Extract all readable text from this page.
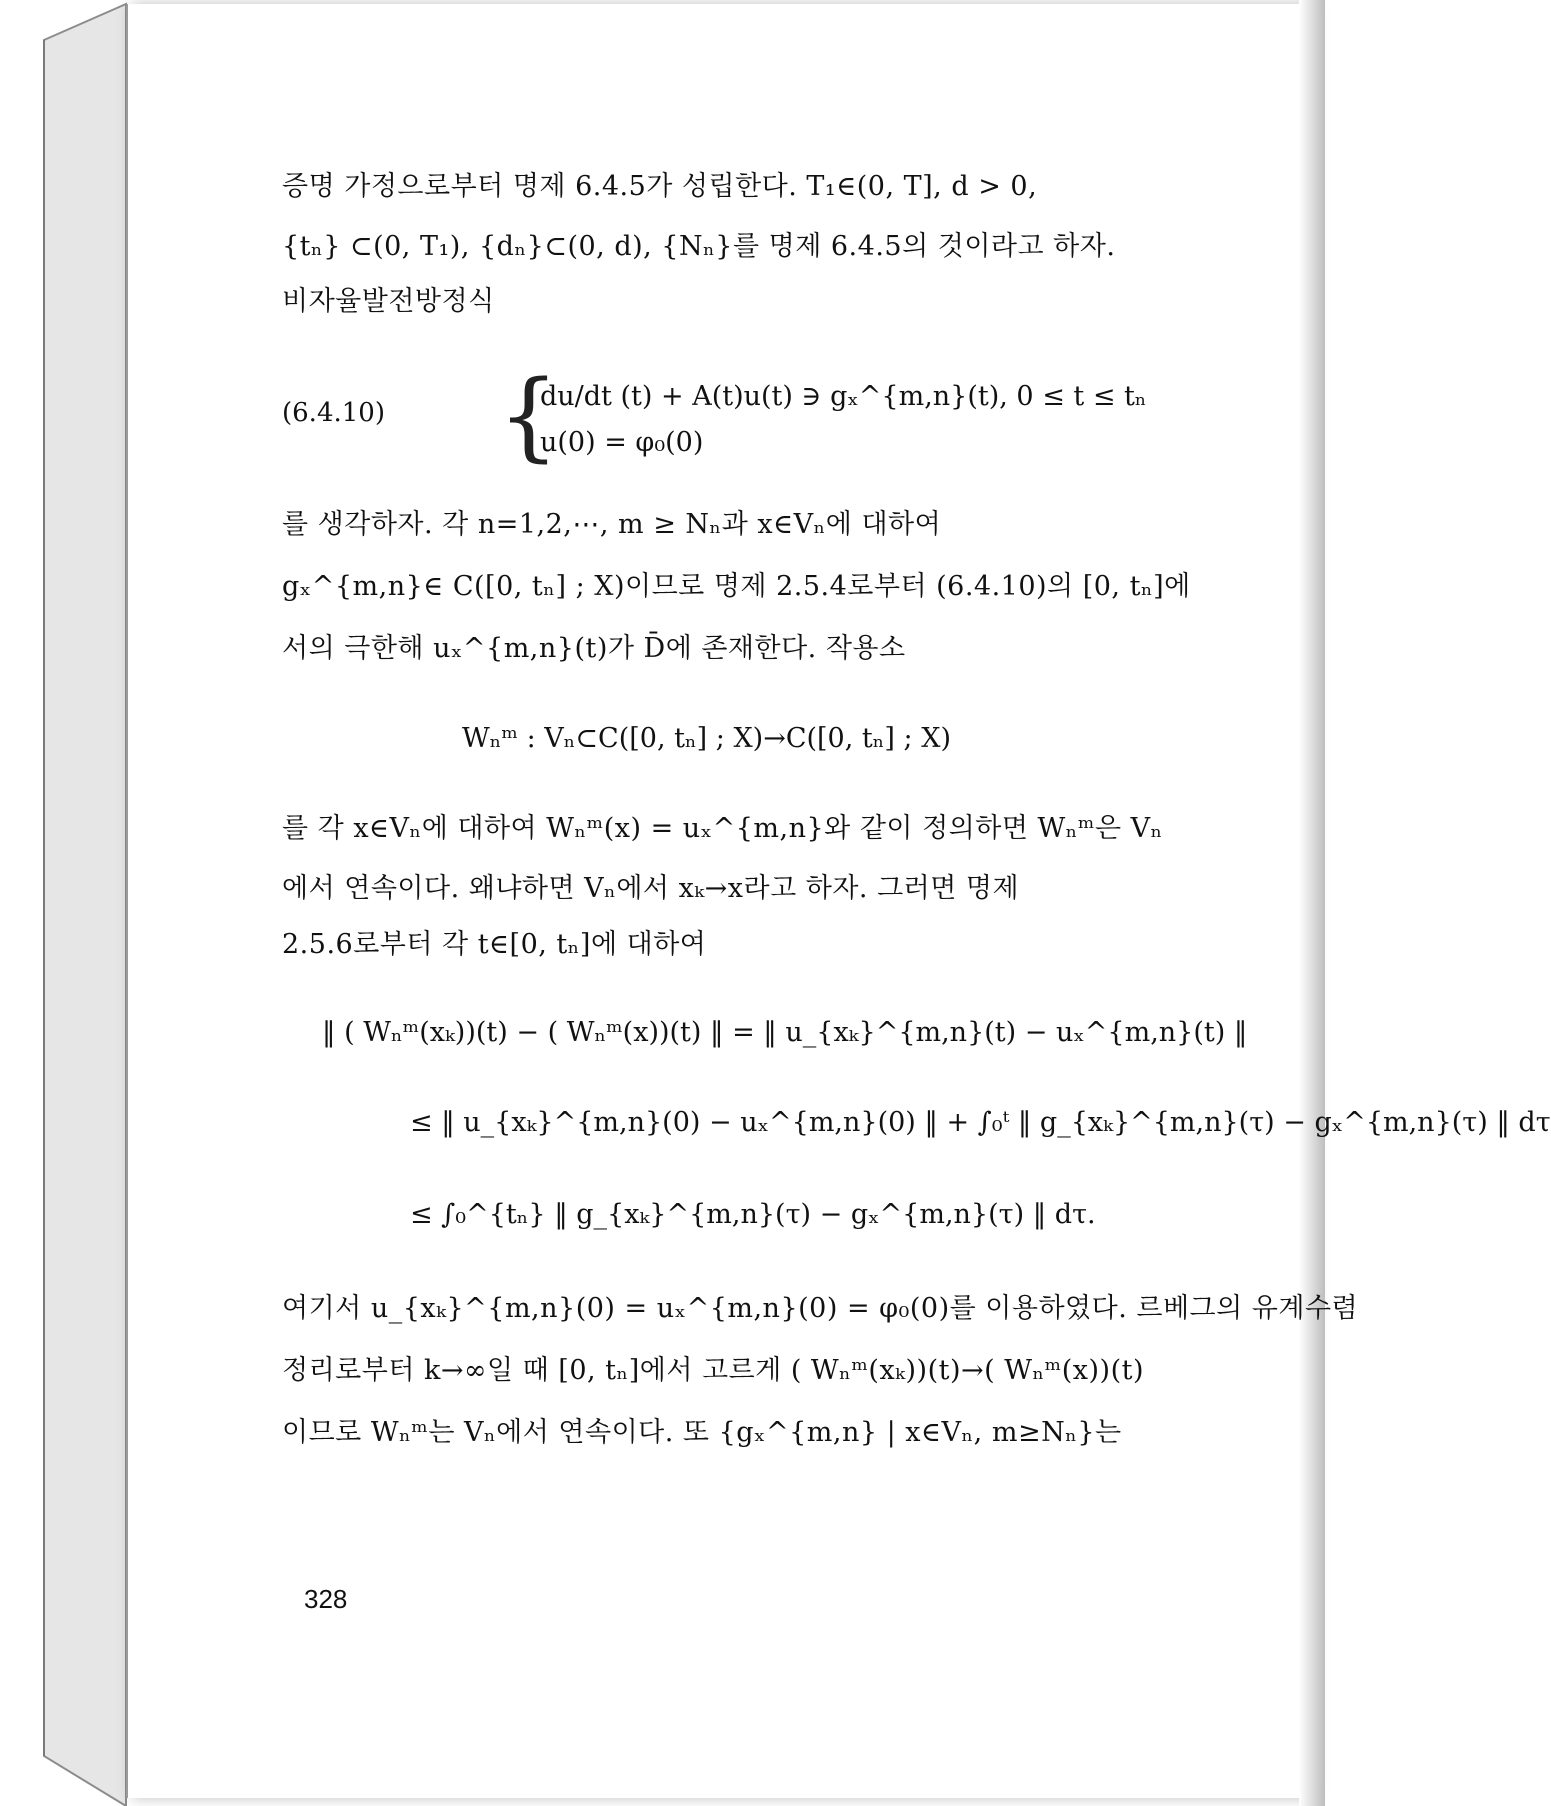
증명 가정으로부터 명제 6.4.5가 성립한다. T₁∈(0, T], d > 0,
{tₙ} ⊂(0, T₁), {dₙ}⊂(0, d), {Nₙ}를 명제 6.4.5의 것이라고 하자.
비자율발전방정식
(6.4.10) {
du/dt (t) + A(t)u(t) ∋ gₓ^{m,n}(t), 0 ≤ t ≤ tₙ
u(0) = φ₀(0)
를 생각하자. 각 n=1,2,⋯, m ≥ Nₙ과 x∈Vₙ에 대하여
gₓ^{m,n}∈ C([0, tₙ] ; X)이므로 명제 2.5.4로부터 (6.4.10)의 [0, tₙ]에
서의 극한해 uₓ^{m,n}(t)가 D̄에 존재한다. 작용소
Wₙᵐ : Vₙ⊂C([0, tₙ] ; X)→C([0, tₙ] ; X)
를 각 x∈Vₙ에 대하여 Wₙᵐ(x) = uₓ^{m,n}와 같이 정의하면 Wₙᵐ은 Vₙ
에서 연속이다. 왜냐하면 Vₙ에서 xₖ→x라고 하자. 그러면 명제
2.5.6로부터 각 t∈[0, tₙ]에 대하여
‖ ( Wₙᵐ(xₖ))(t) − ( Wₙᵐ(x))(t) ‖ = ‖ u_{xₖ}^{m,n}(t) − uₓ^{m,n}(t) ‖
≤ ‖ u_{xₖ}^{m,n}(0) − uₓ^{m,n}(0) ‖ + ∫₀ᵗ ‖ g_{xₖ}^{m,n}(τ) − gₓ^{m,n}(τ) ‖ dτ
≤ ∫₀^{tₙ} ‖ g_{xₖ}^{m,n}(τ) − gₓ^{m,n}(τ) ‖ dτ.
여기서 u_{xₖ}^{m,n}(0) = uₓ^{m,n}(0) = φ₀(0)를 이용하였다. 르베그의 유계수렴
정리로부터 k→∞일 때 [0, tₙ]에서 고르게 ( Wₙᵐ(xₖ))(t)→( Wₙᵐ(x))(t)
이므로 Wₙᵐ는 Vₙ에서 연속이다. 또 {gₓ^{m,n} | x∈Vₙ, m≥Nₙ}는
328
